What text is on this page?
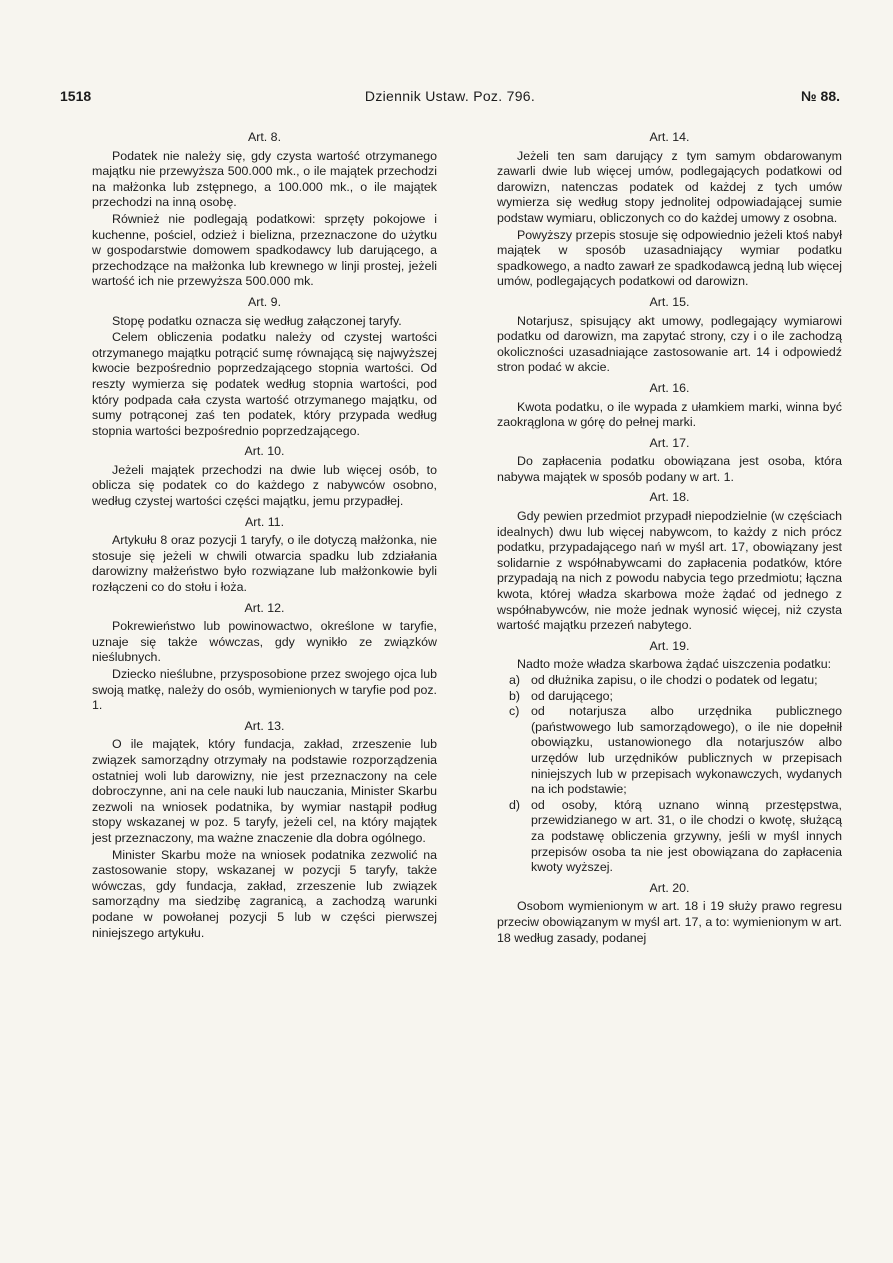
1518	Dziennik Ustaw. Poz. 796.	№ 88.
Art. 8.

Podatek nie należy się, gdy czysta wartość otrzymanego majątku nie przewyższa 500.000 mk., o ile majątek przechodzi na małżonka lub zstępnego, a 100.000 mk., o ile majątek przechodzi na inną osobę.

Również nie podlegają podatkowi: sprzęty pokojowe i kuchenne, pościel, odzież i bielizna, przeznaczone do użytku w gospodarstwie domowem spadkodawcy lub darującego, a przechodzące na małżonka lub krewnego w linji prostej, jeżeli wartość ich nie przewyższa 500.000 mk.

Art. 9.

Stopę podatku oznacza się według załączonej taryfy.

Celem obliczenia podatku należy od czystej wartości otrzymanego majątku potrącić sumę równającą się najwyższej kwocie bezpośrednio poprzedzającego stopnia wartości. Od reszty wymierza się podatek według stopnia wartości, pod który podpada cała czysta wartość otrzymanego majątku, od sumy potrąconej zaś ten podatek, który przypada według stopnia wartości bezpośrednio poprzedzającego.

Art. 10.

Jeżeli majątek przechodzi na dwie lub więcej osób, to oblicza się podatek co do każdego z nabywców osobno, według czystej wartości części majątku, jemu przypadłej.

Art. 11.

Artykułu 8 oraz pozycji 1 taryfy, o ile dotyczą małżonka, nie stosuje się jeżeli w chwili otwarcia spadku lub zdziałania darowizny małżeństwo było rozwiązane lub małżonkowie byli rozłączeni co do stołu i łoża.

Art. 12.

Pokrewieństwo lub powinowactwo, określone w taryfie, uznaje się także wówczas, gdy wynikło ze związków nieślubnych.

Dziecko nieślubne, przysposobione przez swojego ojca lub swoją matkę, należy do osób, wymienionych w taryfie pod poz. 1.

Art. 13.

O ile majątek, który fundacja, zakład, zrzeszenie lub związek samorządny otrzymały na podstawie rozporządzenia ostatniej woli lub darowizny, nie jest przeznaczony na cele dobroczynne, ani na cele nauki lub nauczania, Minister Skarbu zezwoli na wniosek podatnika, by wymiar nastąpił podług stopy wskazanej w poz. 5 taryfy, jeżeli cel, na który majątek jest przeznaczony, ma ważne znaczenie dla dobra ogólnego.

Minister Skarbu może na wniosek podatnika zezwolić na zastosowanie stopy, wskazanej w pozycji 5 taryfy, także wówczas, gdy fundacja, zakład, zrzeszenie lub związek samorządny ma siedzibę zagranicą, a zachodzą warunki podane w powołanej pozycji 5 lub w części pierwszej niniejszego artykułu.

Art. 14.

Jeżeli ten sam darujący z tym samym obdarowanym zawarli dwie lub więcej umów, podlegających podatkowi od darowizn, natenczas podatek od każdej z tych umów wymierza się według stopy jednolitej odpowiadającej sumie podstaw wymiaru, obliczonych co do każdej umowy z osobna.

Powyższy przepis stosuje się odpowiednio jeżeli ktoś nabył majątek w sposób uzasadniający wymiar podatku spadkowego, a nadto zawarł ze spadkodawcą jedną lub więcej umów, podlegających podatkowi od darowizn.

Art. 15.

Notarjusz, spisujący akt umowy, podlegający wymiarowi podatku od darowizn, ma zapytać strony, czy i o ile zachodzą okoliczności uzasadniające zastosowanie art. 14 i odpowiedź stron podać w akcie.

Art. 16.

Kwota podatku, o ile wypada z ułamkiem marki, winna być zaokrąglona w górę do pełnej marki.

Art. 17.

Do zapłacenia podatku obowiązana jest osoba, która nabywa majątek w sposób podany w art. 1.

Art. 18.

Gdy pewien przedmiot przypadł niepodzielnie (w częściach idealnych) dwu lub więcej nabywcom, to każdy z nich prócz podatku, przypadającego nań w myśl art. 17, obowiązany jest solidarnie z współnabywcami do zapłacenia podatków, które przypadają na nich z powodu nabycia tego przedmiotu; łączna kwota, której władza skarbowa może żądać od jednego z współnabywców, nie może jednak wynosić więcej, niż czysta wartość majątku przezeń nabytego.

Art. 19.

Nadto może władza skarbowa żądać uiszczenia podatku:

a) od dłużnika zapisu, o ile chodzi o podatek od legatu;
b) od darującego;
c) od notarjusza albo urzędnika publicznego (państwowego lub samorządowego), o ile nie dopełnił obowiązku, ustanowionego dla notarjuszów albo urzędów lub urzędników publicznych w przepisach niniejszych lub w przepisach wykonawczych, wydanych na ich podstawie;
d) od osoby, którą uznano winną przestępstwa, przewidzianego w art. 31, o ile chodzi o kwotę, służącą za podstawę obliczenia grzywny, jeśli w myśl innych przepisów osoba ta nie jest obowiązana do zapłacenia kwoty wyższej.
Art. 20.

Osobom wymienionym w art. 18 i 19 służy prawo regresu przeciw obowiązanym w myśl art. 17, a to: wymienionym w art. 18 według zasady, podanej
